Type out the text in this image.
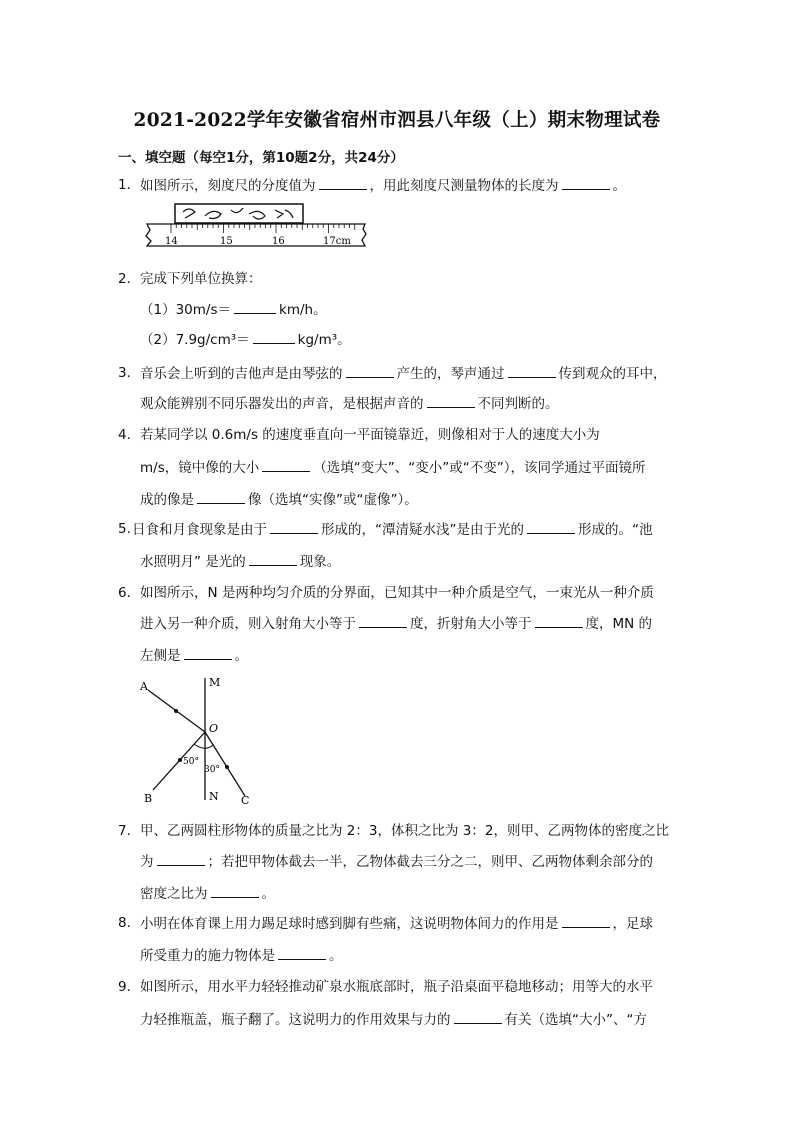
2021-2022学年安徽省宿州市泗县八年级（上）期末物理试卷
一、填空题（每空1分，第10题2分，共24分）
1． 如图所示，刻度尺的分度值为	，用此刻度尺测量物体的长度为	。
14	15	16	17cm
2． 完成下列单位换算：
（1）30m/s＝	km/h。
（2）7.9g/cm³＝	kg/m³。
3． 音乐会上听到的吉他声是由琴弦的	产生的，琴声通过	传到观众的耳中，
观众能辨别不同乐器发出的声音，是根据声音的	不同判断的。
4． 若某同学以 0.6m/s 的速度垂直向一平面镜靠近，则像相对于人的速度大小为
m/s，镜中像的大小	（选填“变大”、“变小”或“不变”），该同学通过平面镜所
成的像是	像（选填“实像”或“虚像”）。
5. 日食和月食现象是由于	形成的，“潭清疑水浅”是由于光的	形成的。“池
水照明月” 是光的	现象。
6． 如图所示，N 是两种均匀介质的分界面，已知其中一种介质是空气，一束光从一种介质
进入另一种介质，则入射角大小等于	度，折射角大小等于	度，MN 的
左侧是	。
A	M
O
B	N C
50°
30°
7． 甲、乙两圆柱形物体的质量之比为 2：3，体积之比为 3：2，则甲、乙两物体的密度之比
为	；若把甲物体截去一半，乙物体截去三分之二，则甲、乙两物体剩余部分的
密度之比为	。
8． 小明在体育课上用力踢足球时感到脚有些痛，这说明物体间力的作用是	，足球
所受重力的施力物体是	。
9． 如图所示，用水平力轻轻推动矿泉水瓶底部时，瓶子沿桌面平稳地移动；用等大的水平
力轻推瓶盖，瓶子翻了。这说明力的作用效果与力的	有关（选填“大小”、“方
